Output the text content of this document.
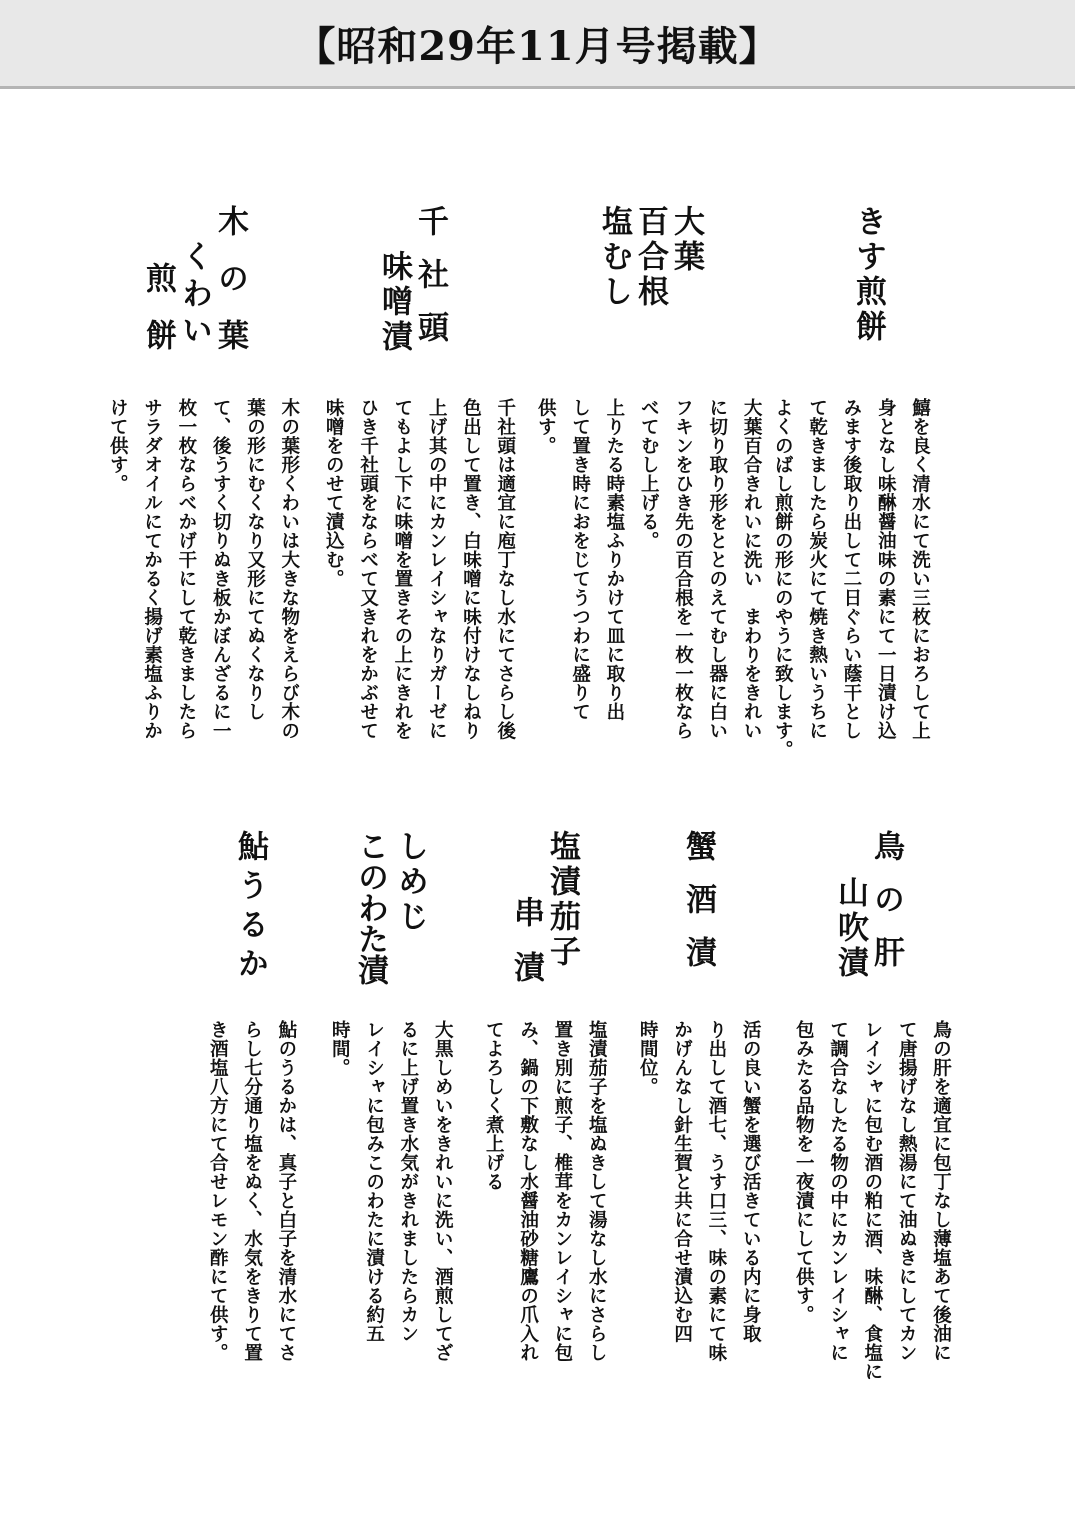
【昭和29年11月号掲載】
きす煎餅
大葉
百合根
塩むし
千社頭
味噌漬
木の葉
くわい
煎餅
鱚を良く清水にて洗い三枚におろして上
身となし味醂醤油味の素にて一日漬け込
みます後取り出して二日ぐらい蔭干とし
て乾きましたら炭火にて焼き熱いうちに
よくのばし煎餅の形にのやうに致します。
大葉百合きれいに洗い　まわりをきれい
に切り取り形をととのえてむし器に白い
フキンをひき先の百合根を一枚一枚なら
べてむし上げる。
上りたる時素塩ふりかけて皿に取り出
して置き時におをじてうつわに盛りて
供す。
千社頭は適宜に庖丁なし水にてさらし後
色出して置き、白味噌に味付けなしねり
上げ其の中にカンレイシャなりガーゼに
てもよし下に味噌を置きその上にきれを
ひき千社頭をならべて又きれをかぶせて
味噌をのせて漬込む。
木の葉形くわいは大きな物をえらび木の
葉の形にむくなり又形にてぬくなりし
て、後うすく切りぬき板かぼんざるに一
枚一枚ならべかげ干にして乾きましたら
サラダオイルにてかるく揚げ素塩ふりか
けて供す。
鳥の肝
山吹漬
蟹酒漬
塩漬茄子
串漬
しめじ
このわた漬
鮎うるか
鳥の肝を適宜に包丁なし薄塩あて後油に
て唐揚げなし熱湯にて油ぬきにしてカン
レイシャに包む酒の粕に酒、味醂、食塩に
て調合なしたる物の中にカンレイシャに
包みたる品物を一夜漬にして供す。
活の良い蟹を選び活きている内に身取
り出して酒七、うす口三、味の素にて味
かげんなし針生賀と共に合せ漬込む四
時間位。
塩漬茄子を塩ぬきして湯なし水にさらし
置き別に煎子、椎茸をカンレイシャに包
み、鍋の下敷なし水醤油砂糖鷹の爪入れ
てよろしく煮上げる
大黒しめいをきれいに洗い、酒煎してざ
るに上げ置き水気がきれましたらカン
レイシャに包みこのわたに漬ける約五
時間。
鮎のうるかは、真子と白子を清水にてさ
らし七分通り塩をぬく、水気をきりて置
き酒塩八方にて合せレモン酢にて供す。
